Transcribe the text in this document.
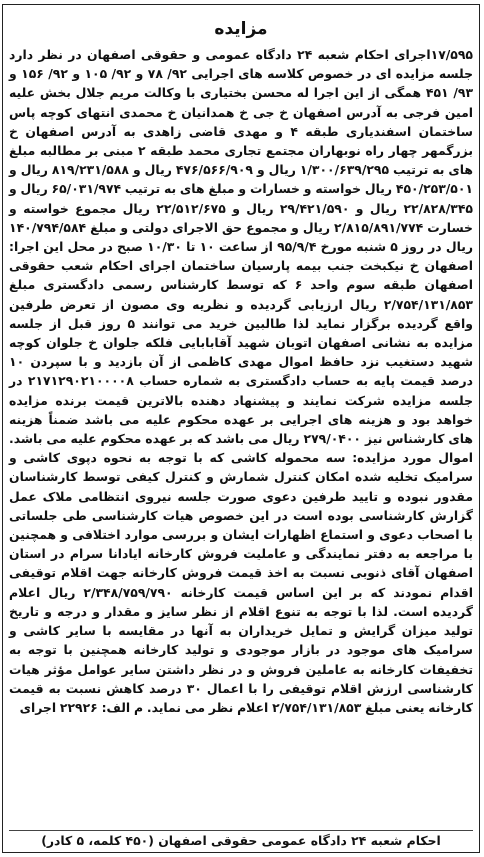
مزایده
۱۷/۵۹۵اجرای احکام شعبه ۲۴ دادگاه عمومی و حقوقی اصفهان در نظر دارد جلسه مزایده ای در خصوص کلاسه های اجرایی ۹۲/ ۷۸ و ۹۲/ ۱۰۵ و ۹۲/ ۱۵۶ و ۹۳/ ۴۵۱ همگی از این اجرا له محسن بختیاری با وکالت مریم جلال بخش علیه امین فرجی به آدرس اصفهان خ جی خ همدانیان خ محمدی انتهای کوچه پاس ساختمان اسفندیاری طبقه ۴ و مهدی قاضی زاهدی به آدرس اصفهان خ بزرگمهر چهار راه نوبهاران مجتمع تجاری محمد طبقه ۲ مبنی بر مطالبه مبلغ های به ترتیب ۱/۳۰۰/۶۳۹/۲۹۵ ریال و ۴۷۶/۵۶۶/۹۰۹ ریال و ۸۱۹/۲۳۱/۵۸۸ ریال و ۴۵۰/۲۵۳/۵۰۱ ریال خواسته و خسارات و مبلغ های به ترتیب ۶۵/۰۳۱/۹۷۴ ریال و ۲۲/۸۲۸/۳۴۵ ریال و ۲۹/۴۲۱/۵۹۰ ریال و ۲۲/۵۱۲/۶۷۵ ریال مجموع خواسته و خسارت ۲/۸۱۵/۸۹۱/۷۷۴ ریال و مجموع حق الاجرای دولتی و مبلغ ۱۴۰/۷۹۴/۵۸۴ ریال در روز ۵ شنبه مورخ ۹۵/۹/۴ از ساعت ۱۰ تا ۱۰/۳۰ صبح در محل این اجرا: اصفهان خ نیکبخت جنب بیمه پارسیان ساختمان اجرای احکام شعب حقوقی اصفهان طبقه سوم واحد ۶ که توسط کارشناس رسمی دادگستری مبلغ ۲/۷۵۴/۱۳۱/۸۵۳ ریال ارزیابی گردیده و نظریه وی مصون از تعرض طرفین واقع گردیده برگزار نماید لذا طالبین خرید می توانند ۵ روز قبل از جلسه مزایده به نشانی اصفهان اتوبان شهید آقابابایی فلکه جلوان خ جلوان کوچه شهید دستغیب نزد حافظ اموال مهدی کاظمی از آن بازدید و با سپردن ۱۰ درصد قیمت پایه به حساب دادگستری به شماره حساب ۲۱۷۱۲۹۰۲۱۰۰۰۰۸ در جلسه مزایده شرکت نمایند و پیشنهاد دهنده بالاترین قیمت برنده مزایده خواهد بود و هزینه های اجرایی بر عهده محکوم علیه می باشد ضمناً هزینه های کارشناس نیز ۲۷۹/۰۴۰۰ ریال می باشد که بر عهده محکوم علیه می باشد. اموال مورد مزایده: سه محموله کاشی که با توجه به نحوه دپوی کاشی و سرامیک تخلیه شده امکان کنترل شمارش و کنترل کیفی توسط کارشناسان مقدور نبوده و تایید طرفین دعوی صورت جلسه نیروی انتظامی ملاک عمل گزارش کارشناسی بوده است در این خصوص هیات کارشناسی طی جلساتی با اصحاب دعوی و استماع اظهارات ایشان و بررسی موارد اختلافی و همچنین با مراجعه به دفتر نمایندگی و عاملیت فروش کارخانه ایادانا سرام در استان اصفهان آقای ذنوبی نسبت به اخذ قیمت فروش کارخانه جهت اقلام توقیفی اقدام نمودند که بر این اساس قیمت کارخانه ۲/۳۴۸/۷۵۹/۷۹۰ ریال اعلام گردیده است. لذا با توجه به تنوع اقلام از نظر سایز و مقدار و درجه و تاریخ تولید میزان گرایش و تمایل خریداران به آنها در مقایسه با سایر کاشی و سرامیک های موجود در بازار موجودی و تولید کارخانه همچنین با توجه به تخفیفات کارخانه به عاملین فروش و در نظر داشتن سایر عوامل مؤثر هیات کارشناسی ارزش اقلام توقیفی را با اعمال ۳۰ درصد کاهش نسبت به قیمت کارخانه یعنی مبلغ ۲/۷۵۴/۱۳۱/۸۵۳ اعلام نظر می نماید. م الف: ۲۲۹۲۶ اجرای
احکام شعبه ۲۴ دادگاه عمومی حقوقی اصفهان (۴۵۰ کلمه، ۵ کادر)
